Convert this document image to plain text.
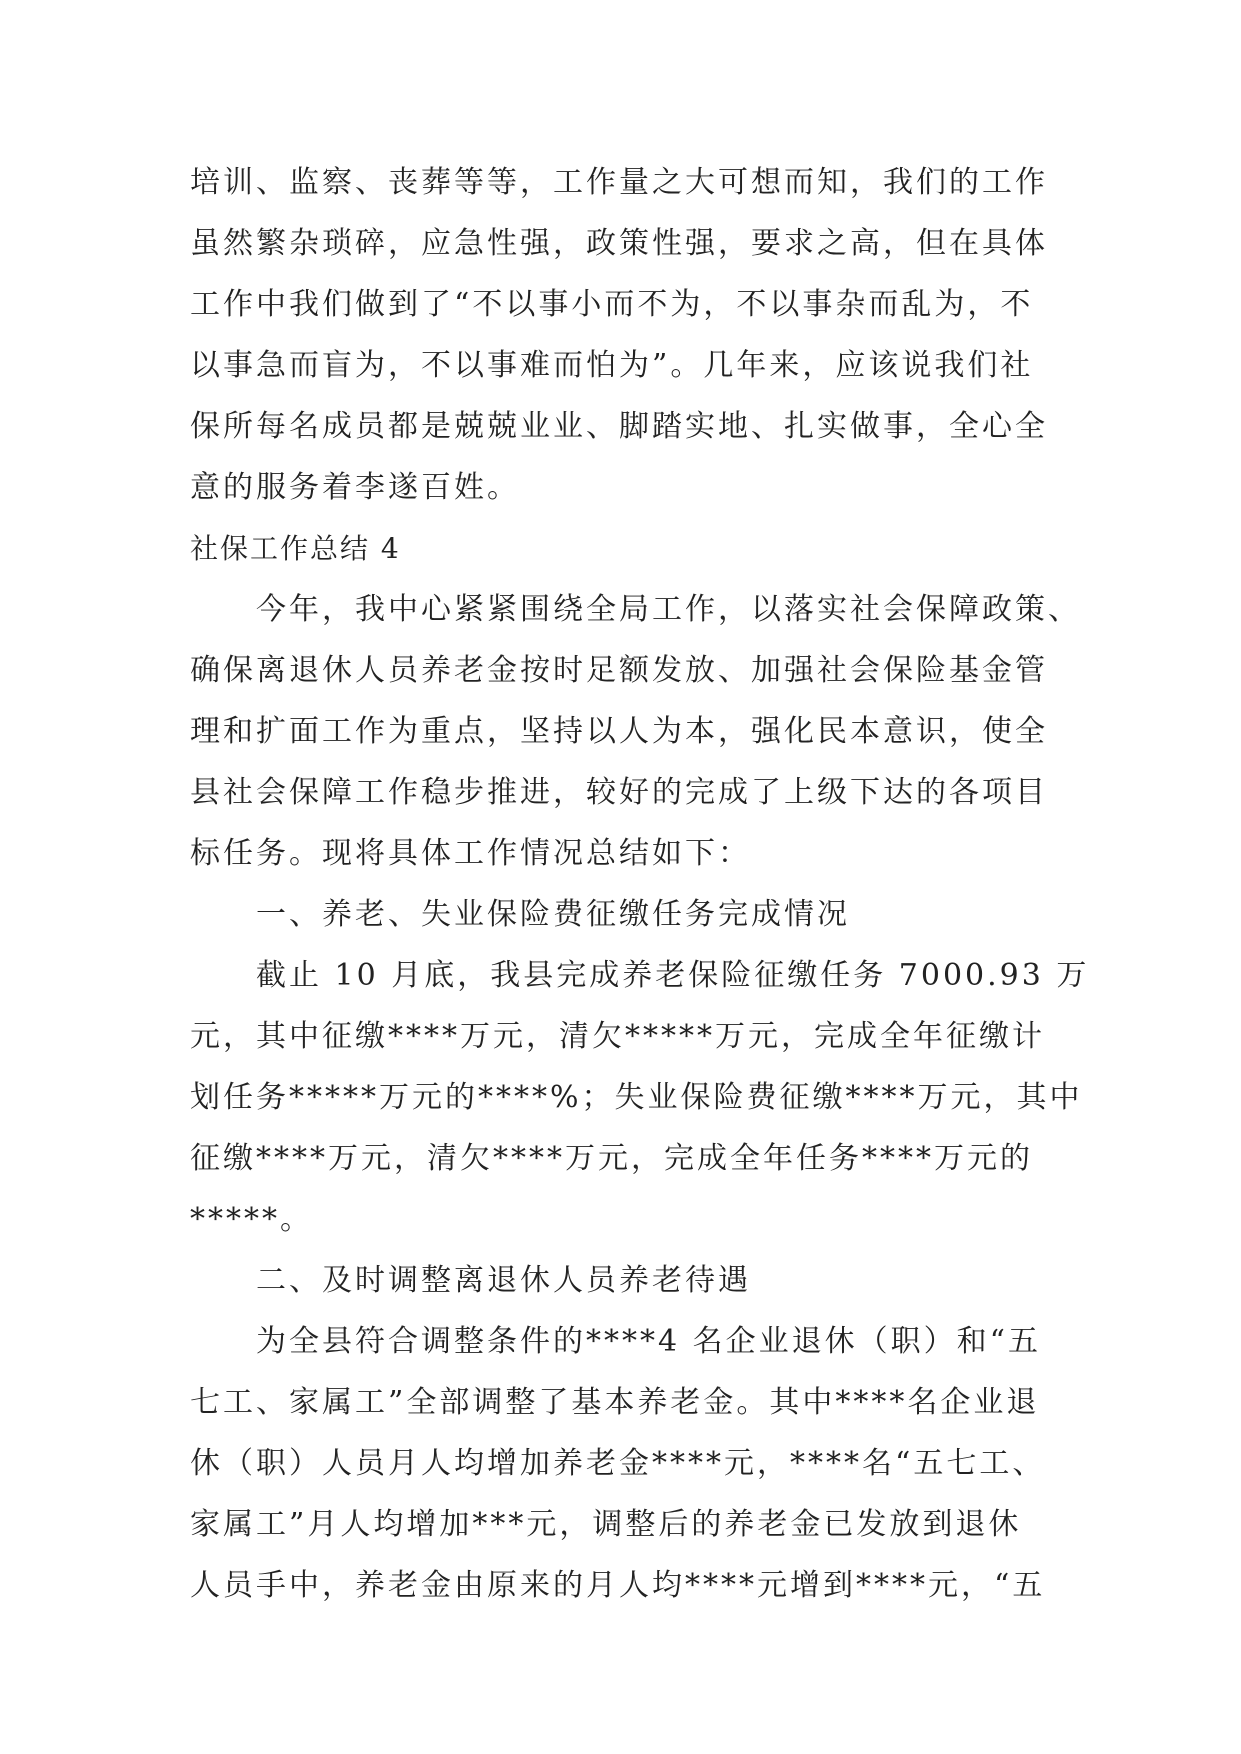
培训、监察、丧葬等等，工作量之大可想而知，我们的工作
虽然繁杂琐碎，应急性强，政策性强，要求之高，但在具体
工作中我们做到了“不以事小而不为，不以事杂而乱为，不
以事急而盲为，不以事难而怕为”。几年来，应该说我们社
保所每名成员都是兢兢业业、脚踏实地、扎实做事，全心全
意的服务着李遂百姓。
社保工作总结 4
今年，我中心紧紧围绕全局工作，以落实社会保障政策、
确保离退休人员养老金按时足额发放、加强社会保险基金管
理和扩面工作为重点，坚持以人为本，强化民本意识，使全
县社会保障工作稳步推进，较好的完成了上级下达的各项目
标任务。现将具体工作情况总结如下：
一、养老、失业保险费征缴任务完成情况
截止 10 月底，我县完成养老保险征缴任务 7000.93 万
元，其中征缴****万元，清欠*****万元，完成全年征缴计
划任务*****万元的****%；失业保险费征缴****万元，其中
征缴****万元，清欠****万元，完成全年任务****万元的
*****。
二、及时调整离退休人员养老待遇
为全县符合调整条件的****4 名企业退休（职）和“五
七工、家属工”全部调整了基本养老金。其中****名企业退
休（职）人员月人均增加养老金****元，****名“五七工、
家属工”月人均增加***元，调整后的养老金已发放到退休
人员手中，养老金由原来的月人均****元增到****元，“五
